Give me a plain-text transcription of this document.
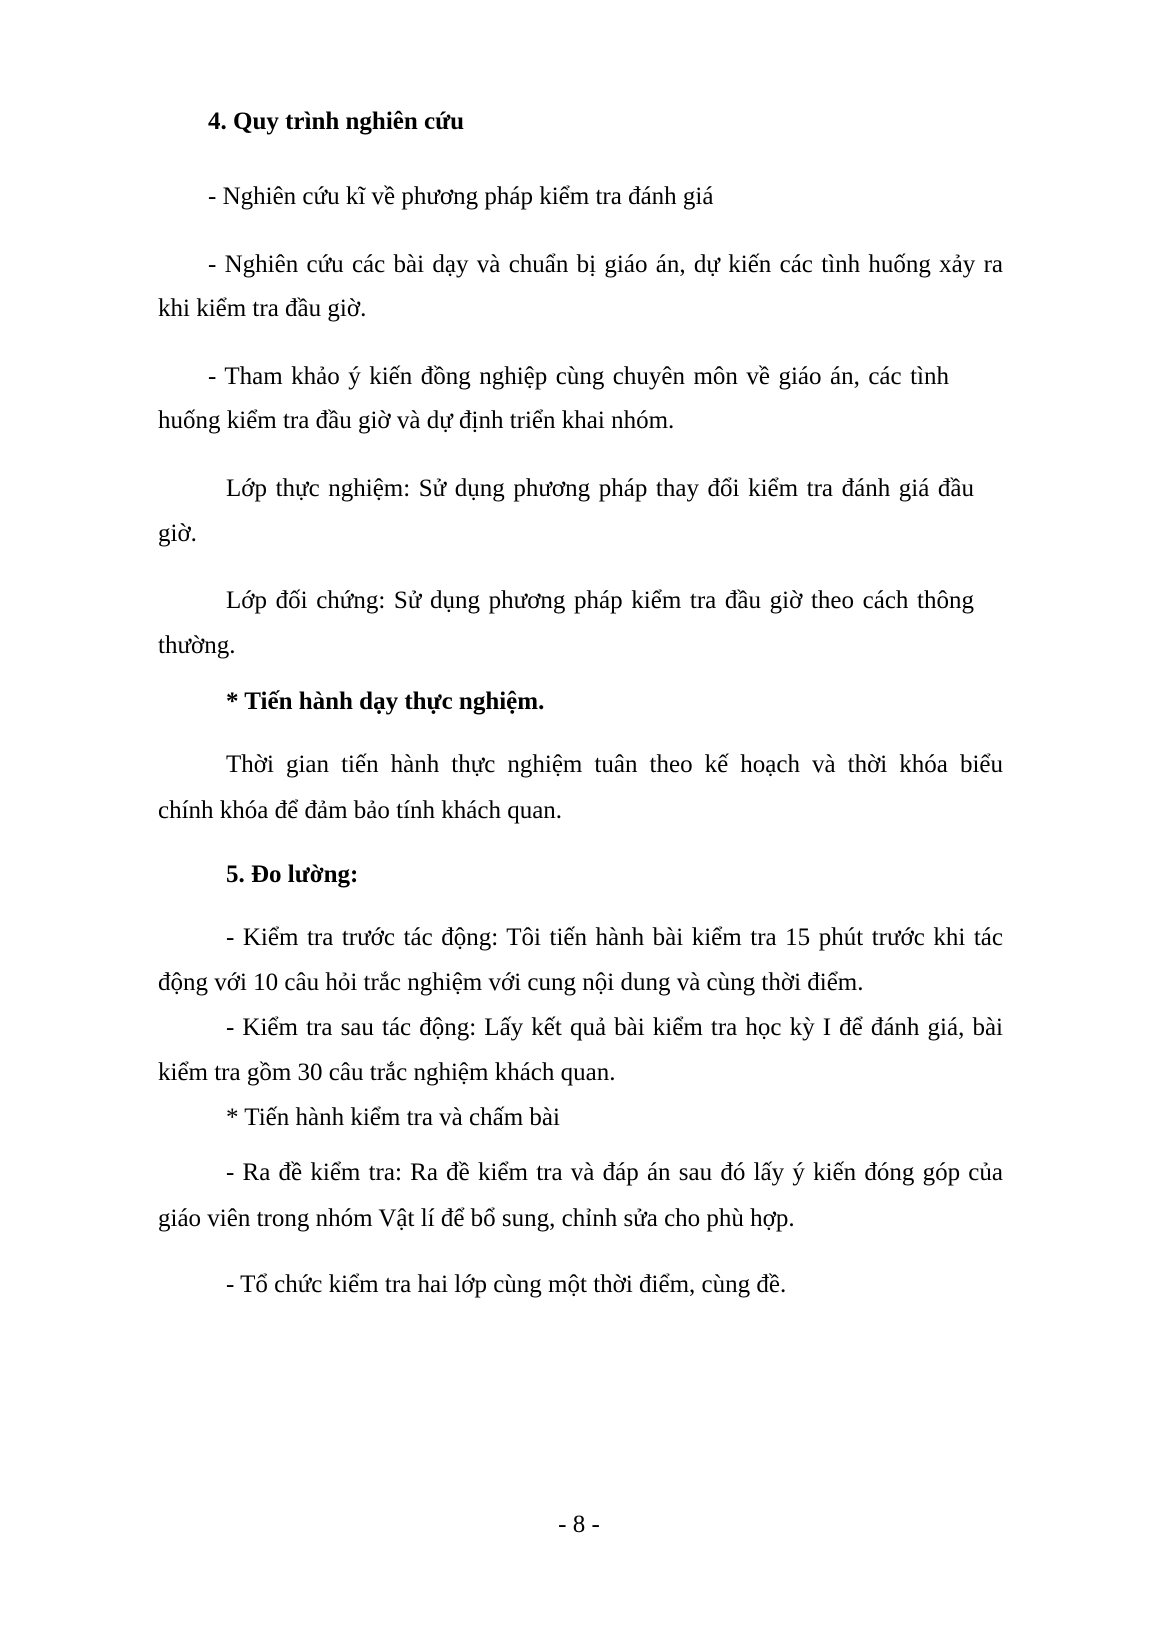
4. Quy trình nghiên cứu
- Nghiên cứu kĩ về phương pháp kiểm tra đánh giá
- Nghiên cứu các bài dạy và chuẩn bị giáo án, dự kiến các tình huống xảy ra
khi kiểm tra đầu giờ.
- Tham khảo ý kiến đồng nghiệp cùng chuyên môn về giáo án, các tình
huống kiểm tra đầu giờ và dự định triển khai nhóm.
Lớp thực nghiệm: Sử dụng phương pháp thay đổi kiểm tra đánh giá đầu
giờ.
Lớp đối chứng: Sử dụng phương pháp kiểm tra đầu giờ theo cách thông
thường.
* Tiến hành dạy thực nghiệm.
Thời gian tiến hành thực nghiệm tuân theo kế hoạch và thời khóa biểu
chính khóa để đảm bảo tính khách quan.
5. Đo lường:
- Kiểm tra trước tác động: Tôi tiến hành bài kiểm tra 15 phút trước khi tác
động với 10 câu hỏi trắc nghiệm với cung nội dung và cùng thời điểm.
- Kiểm tra sau tác động: Lấy kết quả bài kiểm tra học kỳ I để đánh giá, bài
kiểm tra gồm 30 câu trắc nghiệm khách quan.
* Tiến hành kiểm tra và chấm bài
- Ra đề kiểm tra: Ra đề kiểm tra và đáp án sau đó lấy ý kiến đóng góp của
giáo viên trong nhóm Vật lí để bổ sung, chỉnh sửa cho phù hợp.
- Tổ chức kiểm tra hai lớp cùng một thời điểm, cùng đề.
- 8 -
